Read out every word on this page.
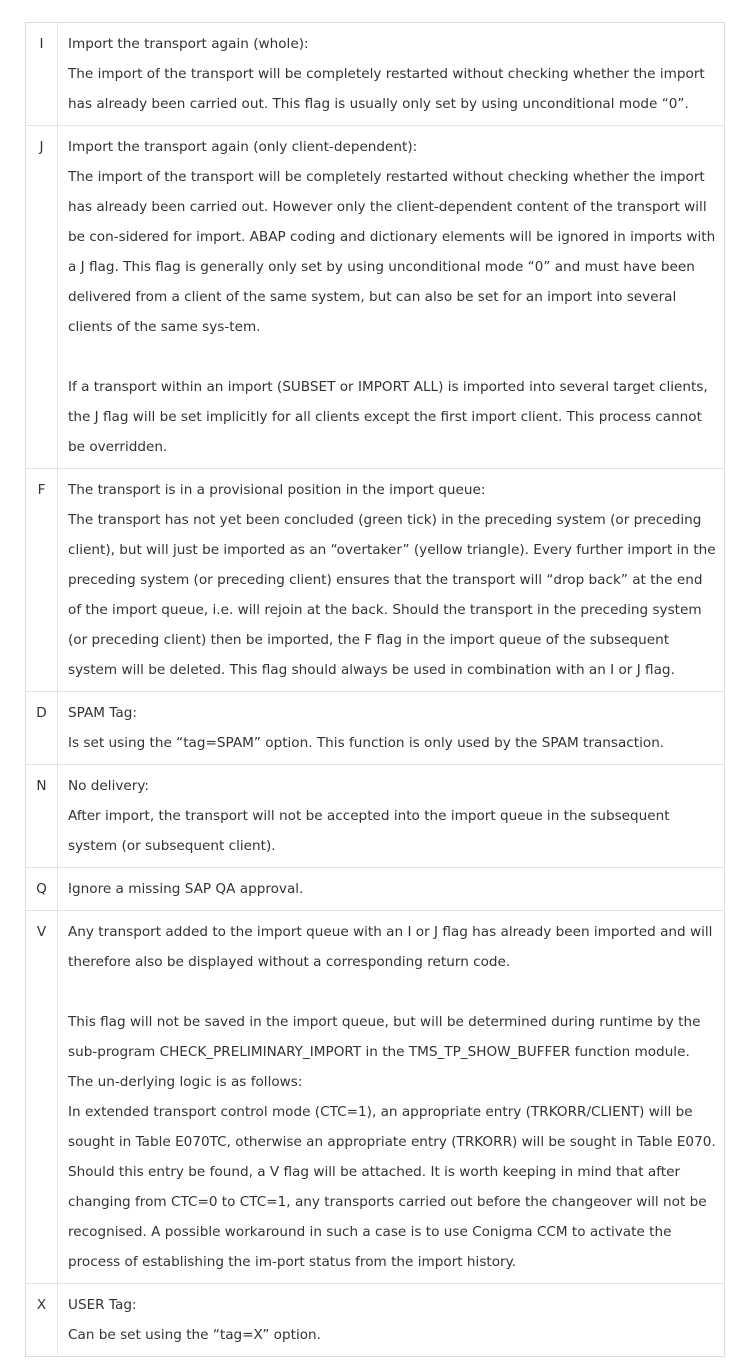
I	Import the transport again (whole):
The import of the transport will be completely restarted without checking whether the import has already been carried out. This flag is usually only set by using unconditional mode “0”.

J	Import the transport again (only client-dependent):
The import of the transport will be completely restarted without checking whether the import has already been carried out. However only the client-dependent content of the transport will be con-sidered for import. ABAP coding and dictionary elements will be ignored in imports with a J flag. This flag is generally only set by using unconditional mode “0” and must have been delivered from a client of the same system, but can also be set for an import into several clients of the same sys-tem.
If a transport within an import (SUBSET or IMPORT ALL) is imported into several target clients, the J flag will be set implicitly for all clients except the first import client. This process cannot be overridden.

F	The transport is in a provisional position in the import queue:
The transport has not yet been concluded (green tick) in the preceding system (or preceding client), but will just be imported as an “overtaker” (yellow triangle). Every further import in the preceding system (or preceding client) ensures that the transport will “drop back” at the end of the import queue, i.e. will rejoin at the back. Should the transport in the preceding system (or preceding client) then be imported, the F flag in the import queue of the subsequent system will be deleted. This flag should always be used in combination with an I or J flag.

D	SPAM Tag:
Is set using the “tag=SPAM” option. This function is only used by the SPAM transaction.

N	No delivery:
After import, the transport will not be accepted into the import queue in the subsequent system (or subsequent client).

Q	Ignore a missing SAP QA approval.

V	Any transport added to the import queue with an I or J flag has already been imported and will therefore also be displayed without a corresponding return code.
This flag will not be saved in the import queue, but will be determined during runtime by the sub-program CHECK_PRELIMINARY_IMPORT in the TMS_TP_SHOW_BUFFER function module. The un-derlying logic is as follows:
In extended transport control mode (CTC=1), an appropriate entry (TRKORR/CLIENT) will be sought in Table E070TC, otherwise an appropriate entry (TRKORR) will be sought in Table E070. Should this entry be found, a V flag will be attached. It is worth keeping in mind that after changing from CTC=0 to CTC=1, any transports carried out before the changeover will not be recognised. A possible workaround in such a case is to use Conigma CCM to activate the process of establishing the im-port status from the import history.

X	USER Tag:
Can be set using the “tag=X” option.
